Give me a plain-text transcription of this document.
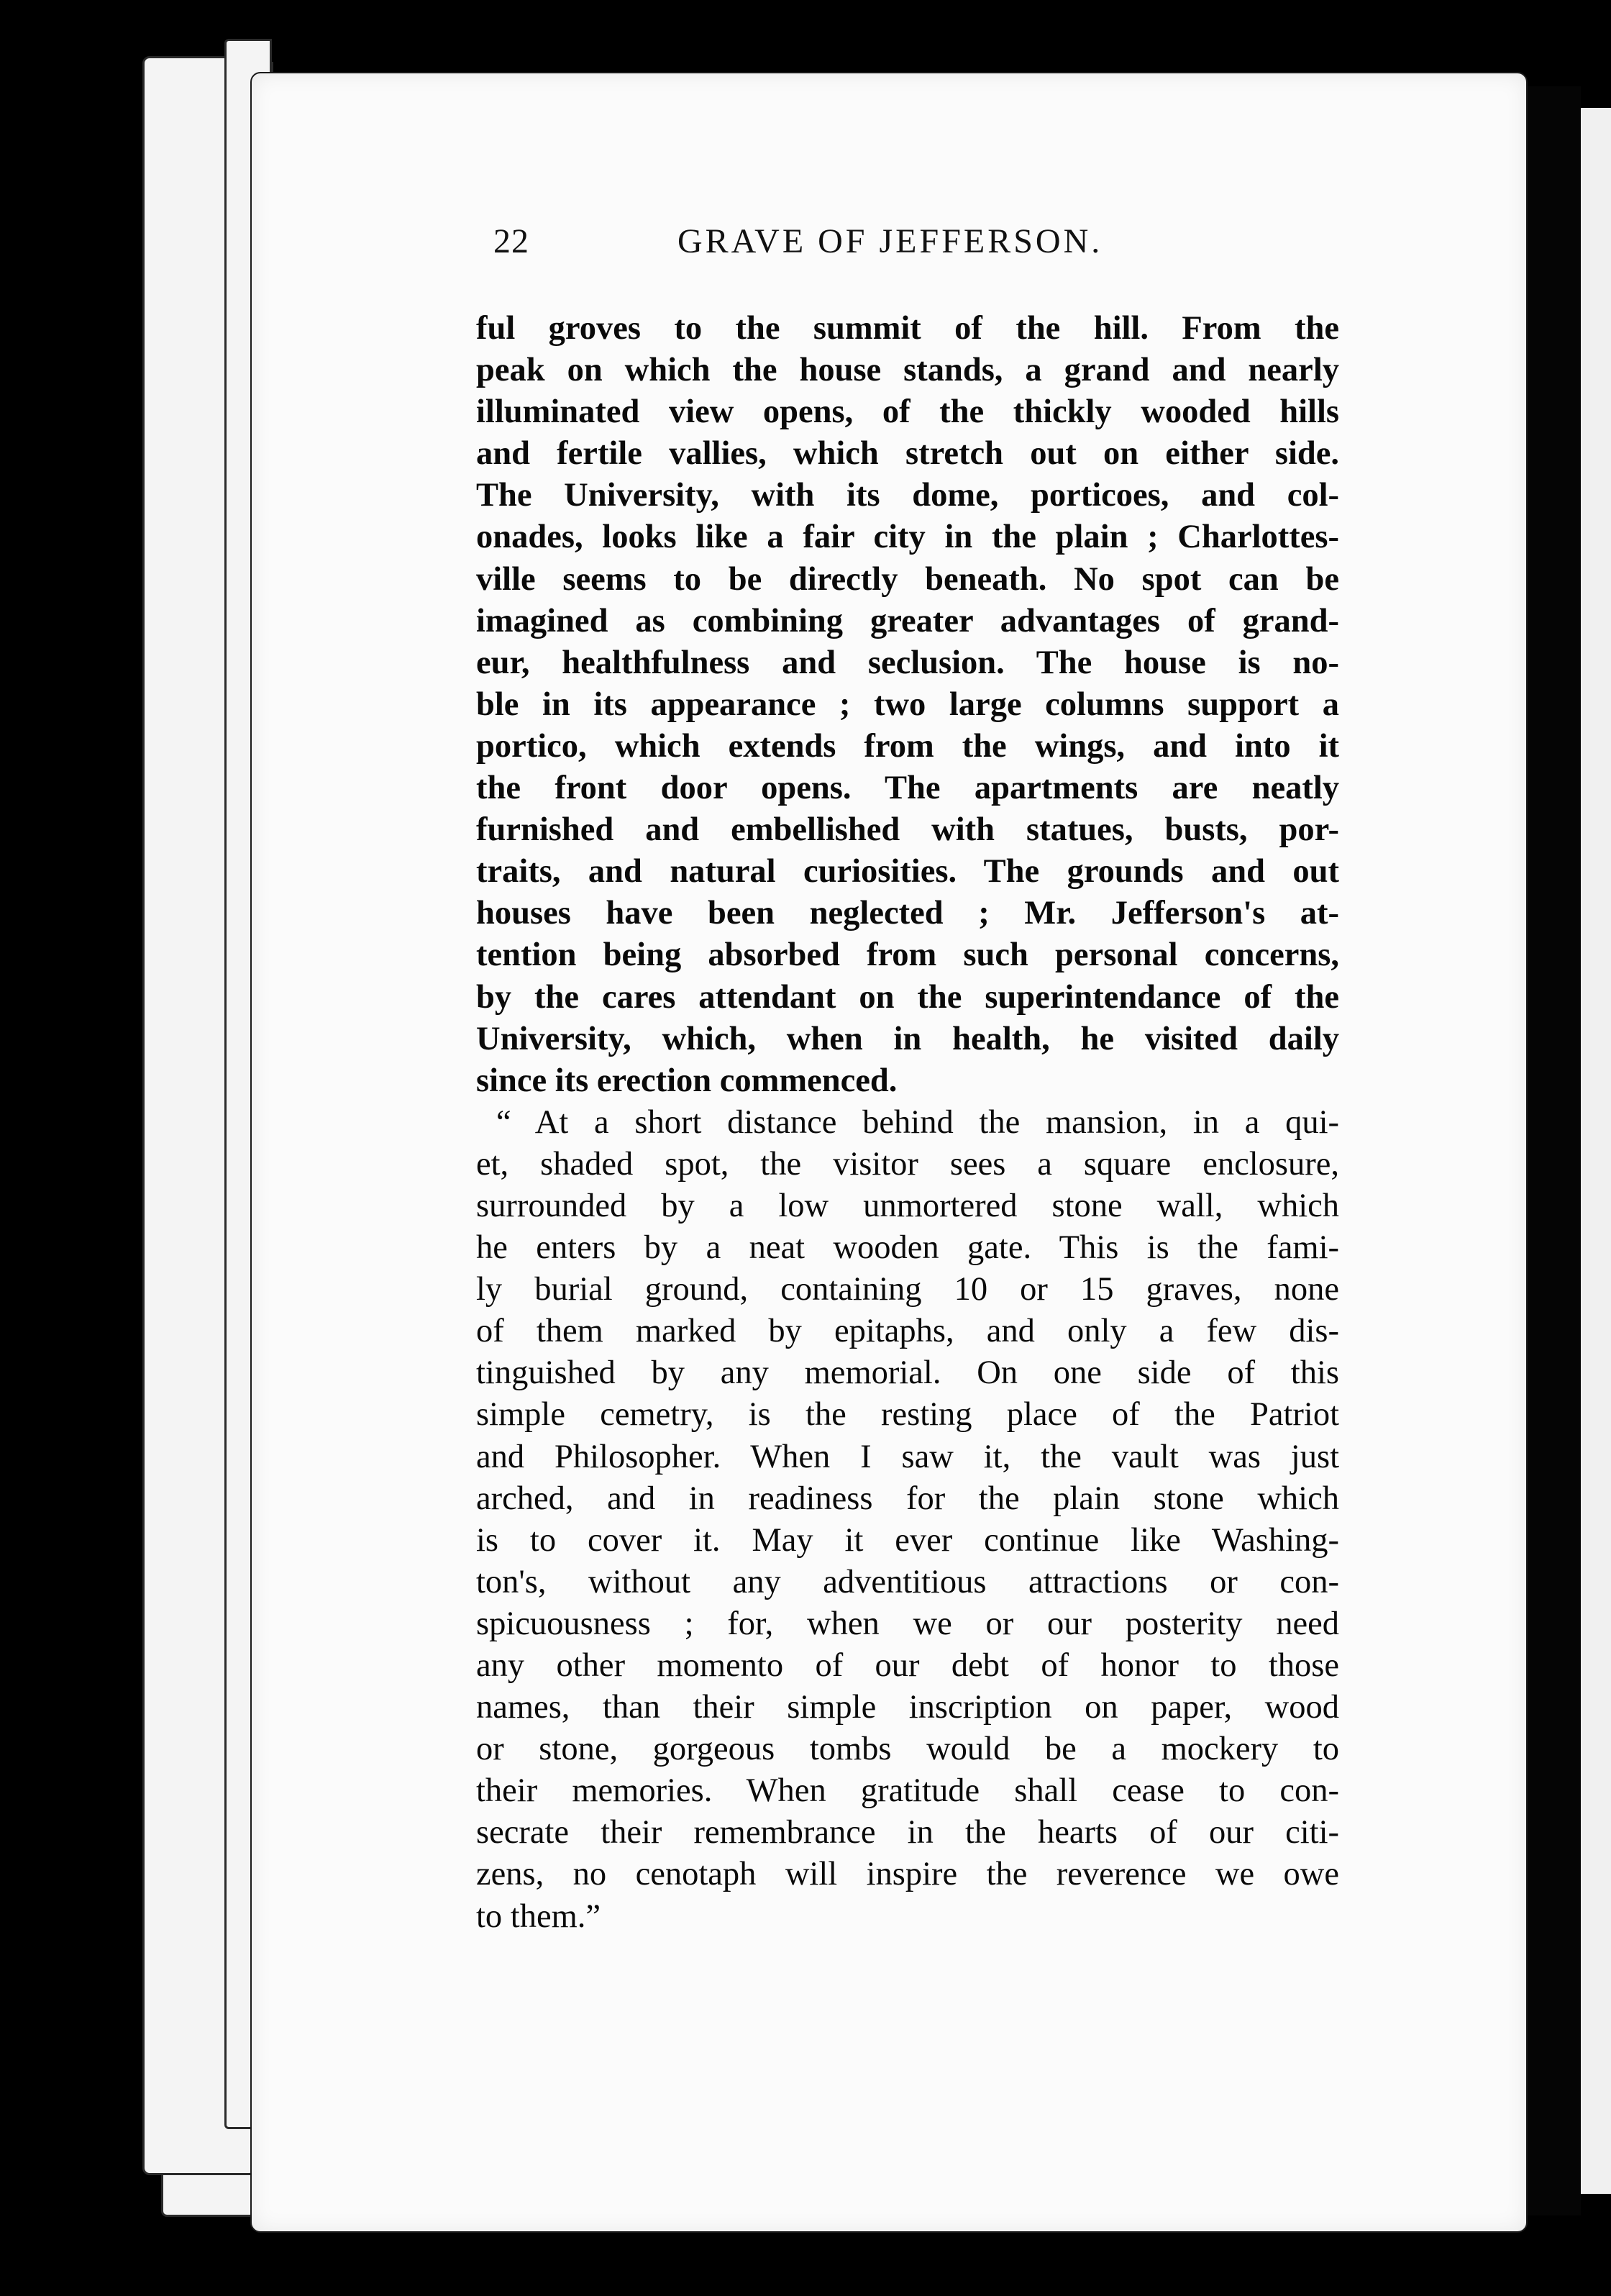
22	GRAVE OF JEFFERSON.
ful groves to the summit of the hill. From the
peak on which the house stands, a grand and nearly
illuminated view opens, of the thickly wooded hills
and fertile vallies, which stretch out on either side.
The University, with its dome, porticoes, and col-
onades, looks like a fair city in the plain ; Charlottes-
ville seems to be directly beneath. No spot can be
imagined as combining greater advantages of grand-
eur, healthfulness and seclusion. The house is no-
ble in its appearance ; two large columns support a
portico, which extends from the wings, and into it
the front door opens. The apartments are neatly
furnished and embellished with statues, busts, por-
traits, and natural curiosities. The grounds and out
houses have been neglected ; Mr. Jefferson's at-
tention being absorbed from such personal concerns,
by the cares attendant on the superintendance of the
University, which, when in health, he visited daily
since its erection commenced.
“ At a short distance behind the mansion, in a qui-
et, shaded spot, the visitor sees a square enclosure,
surrounded by a low unmortered stone wall, which
he enters by a neat wooden gate. This is the fami-
ly burial ground, containing 10 or 15 graves, none
of them marked by epitaphs, and only a few dis-
tinguished by any memorial. On one side of this
simple cemetry, is the resting place of the Patriot
and Philosopher. When I saw it, the vault was just
arched, and in readiness for the plain stone which
is to cover it. May it ever continue like Washing-
ton's, without any adventitious attractions or con-
spicuousness ; for, when we or our posterity need
any other momento of our debt of honor to those
names, than their simple inscription on paper, wood
or stone, gorgeous tombs would be a mockery to
their memories. When gratitude shall cease to con-
secrate their remembrance in the hearts of our citi-
zens, no cenotaph will inspire the reverence we owe
to them.”
